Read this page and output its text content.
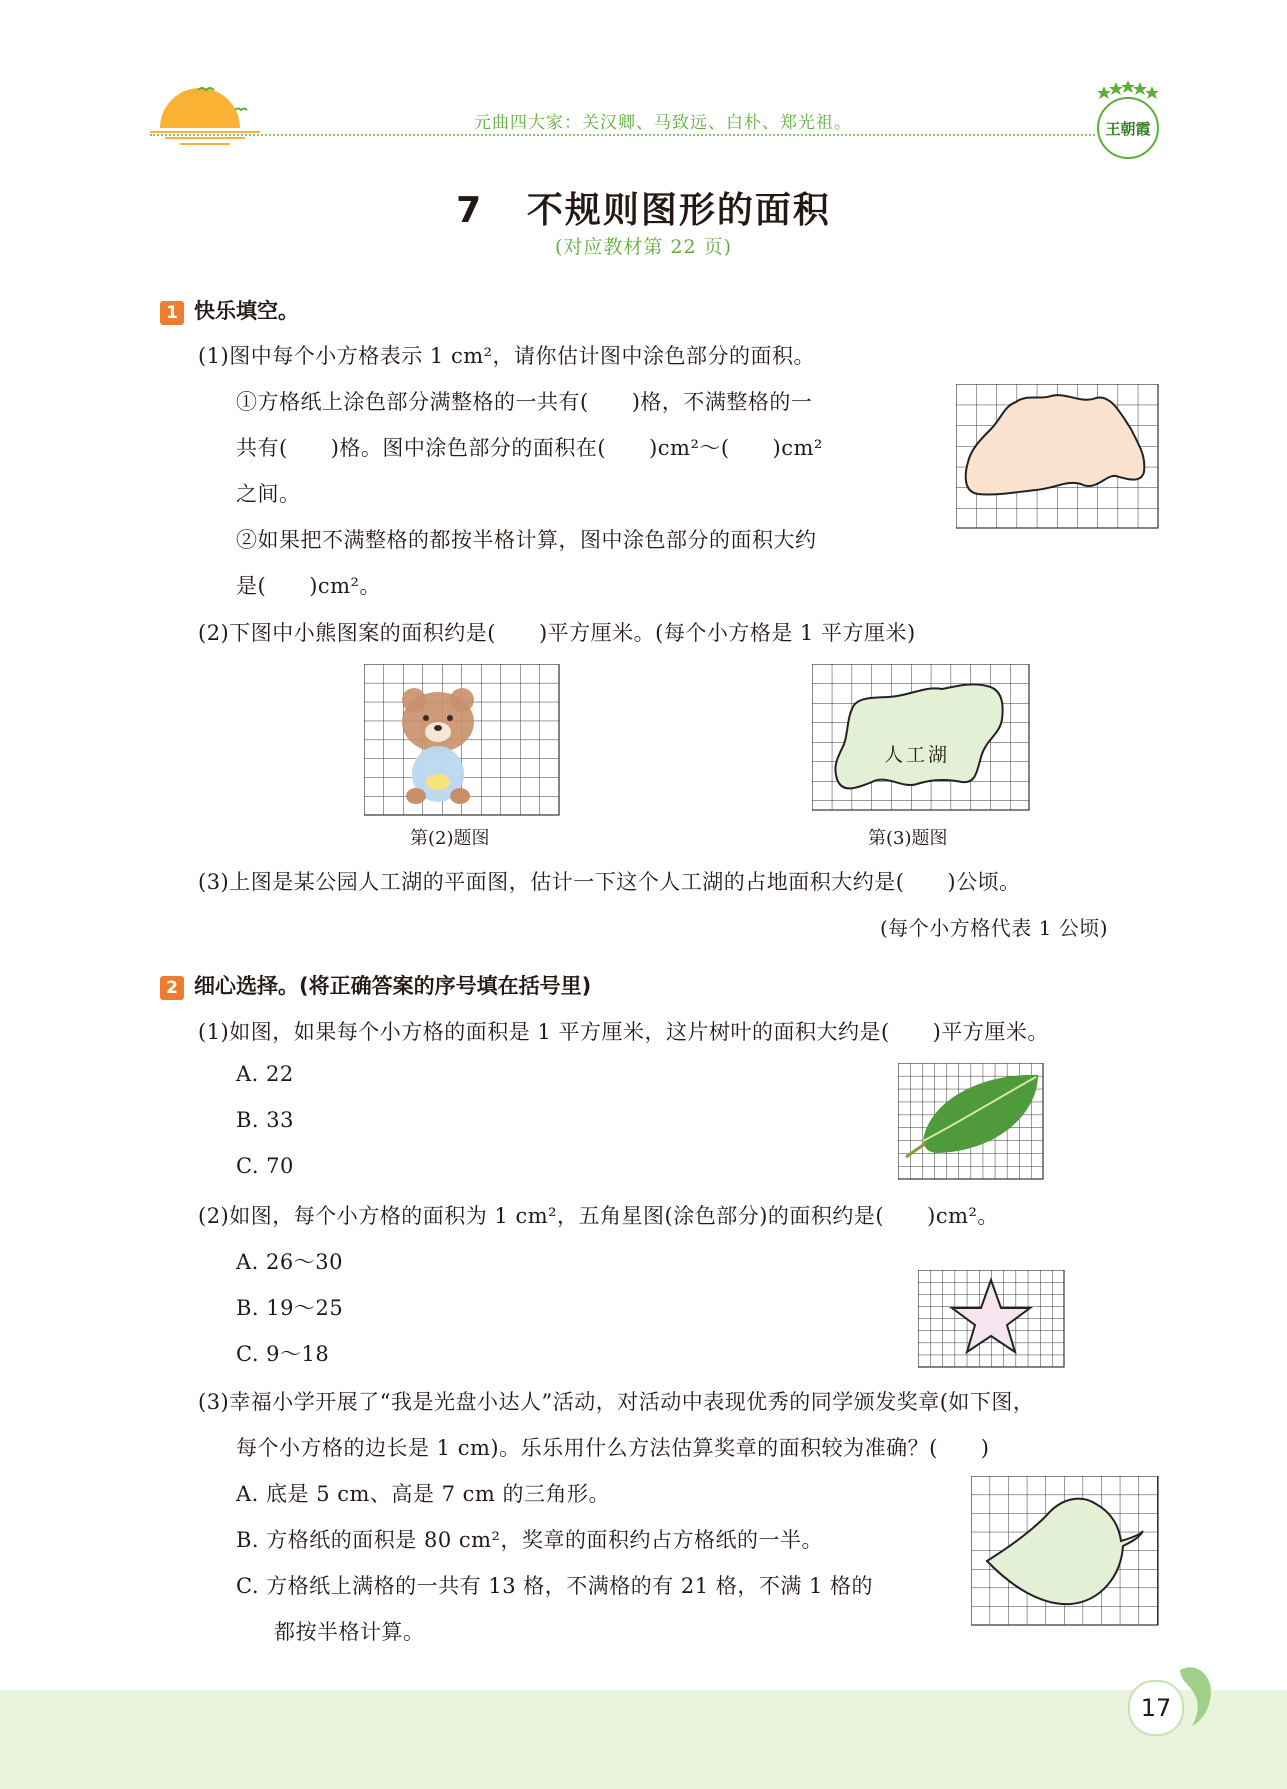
元曲四大家：关汉卿、马致远、白朴、郑光祖。	王朝霞
7   不规则图形的面积
(对应教材第 22 页)
1 快乐填空。
(1)图中每个小方格表示 1 cm²，请你估计图中涂色部分的面积。
①方格纸上涂色部分满整格的一共有(　　)格，不满整格的一
共有(　　)格。图中涂色部分的面积在(　　)cm²～(　　)cm²
之间。
②如果把不满整格的都按半格计算，图中涂色部分的面积大约
是(　　)cm²。
(2)下图中小熊图案的面积约是(　　)平方厘米。(每个小方格是 1 平方厘米)
第(2)题图
人工湖
第(3)题图
(3)上图是某公园人工湖的平面图，估计一下这个人工湖的占地面积大约是(　　)公顷。
(每个小方格代表 1 公顷)
2 细心选择。(将正确答案的序号填在括号里)
(1)如图，如果每个小方格的面积是 1 平方厘米，这片树叶的面积大约是(　　)平方厘米。
A. 22
B. 33
C. 70
(2)如图，每个小方格的面积为 1 cm²，五角星图(涂色部分)的面积约是(　　)cm²。
A. 26～30
B. 19～25
C. 9～18
(3)幸福小学开展了“我是光盘小达人”活动，对活动中表现优秀的同学颁发奖章(如下图，
每个小方格的边长是 1 cm)。乐乐用什么方法估算奖章的面积较为准确？(　　)
A. 底是 5 cm、高是 7 cm 的三角形。
B. 方格纸的面积是 80 cm²，奖章的面积约占方格纸的一半。
C. 方格纸上满格的一共有 13 格，不满格的有 21 格，不满 1 格的
都按半格计算。
17
